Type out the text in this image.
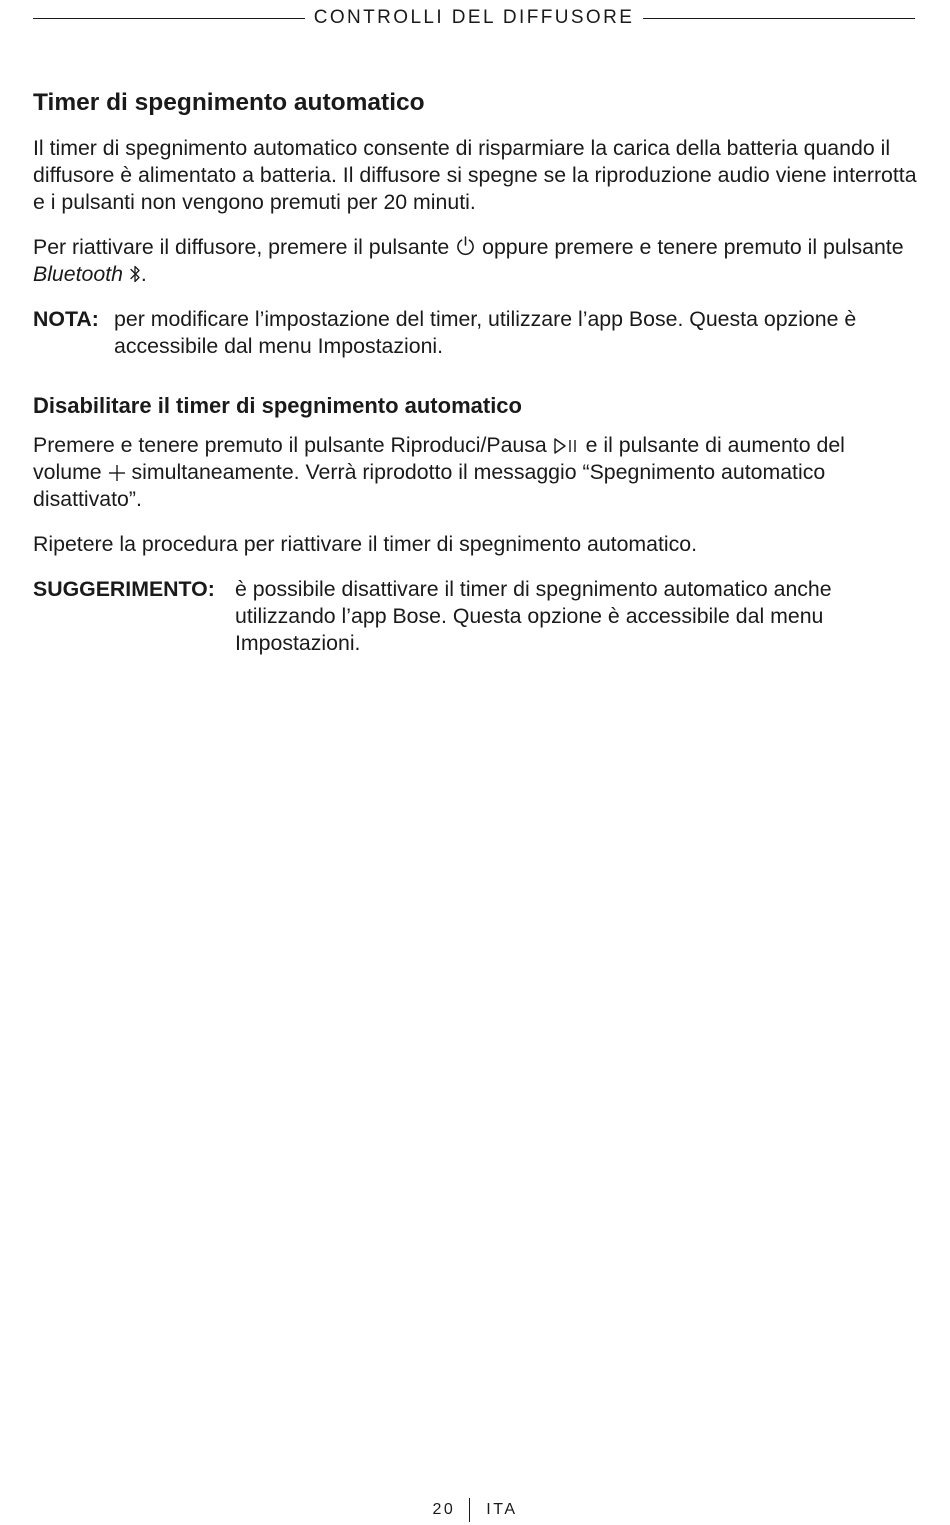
CONTROLLI DEL DIFFUSORE
Timer di spegnimento automatico

Il timer di spegnimento automatico consente di risparmiare la carica della batteria quando il diffusore è alimentato a batteria. Il diffusore si spegne se la riproduzione audio viene interrotta e i pulsanti non vengono premuti per 20 minuti.

Per riattivare il diffusore, premere il pulsante
oppure premere e tenere premuto il pulsante Bluetooth .

NOTA: per modificare l’impostazione del timer, utilizzare l’app Bose. Questa opzione è accessibile dal menu Impostazioni.
Disabilitare il timer di spegnimento automatico

Premere e tenere premuto il pulsante Riproduci/Pausa
e il pulsante di aumento del volume
simultaneamente. Verrà riprodotto il messaggio “Spegnimento automatico disattivato”.

Ripetere la procedura per riattivare il timer di spegnimento automatico.

SUGGERIMENTO: è possibile disattivare il timer di spegnimento automatico anche utilizzando l’app Bose. Questa opzione è accessibile dal menu Impostazioni.
20 ITA
